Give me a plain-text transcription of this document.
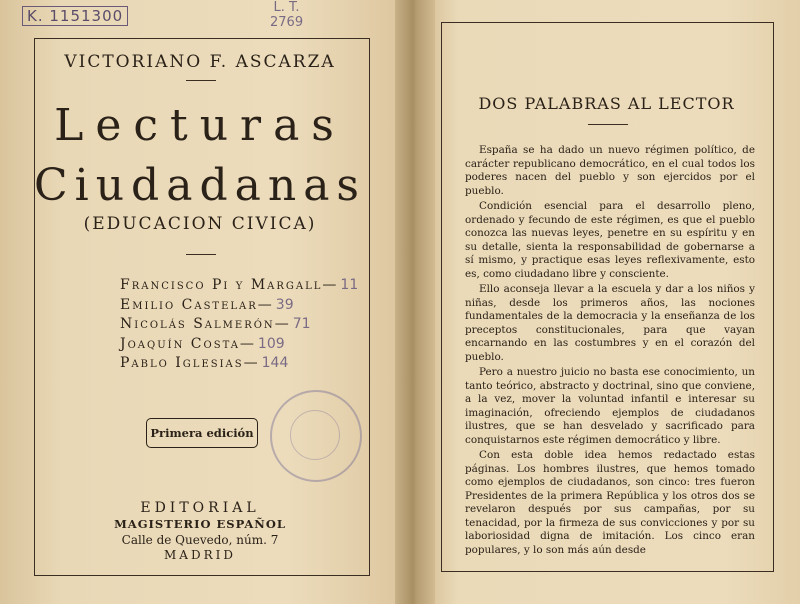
K. 1151300	L. T.
2769
VICTORIANO F. ASCARZA
Lecturas
Ciudadanas
(EDUCACION CIVICA)
Francisco Pi y Margall— 11
Emilio Castelar— 39
Nicolás Salmerón— 71
Joaquín Costa— 109
Pablo Iglesias— 144
Primera edición
EDITORIAL
MAGISTERIO ESPAÑOL
Calle de Quevedo, núm. 7
MADRID
DOS PALABRAS AL LECTOR

España se ha dado un nuevo régimen político, de carácter republicano democrático, en el cual todos los poderes nacen del pueblo y son ejercidos por el pueblo.

Condición esencial para el desarrollo pleno, ordenado y fecundo de este régimen, es que el pueblo conozca las nuevas leyes, penetre en su espíritu y en su detalle, sienta la responsabilidad de gobernarse a sí mismo, y practique esas leyes reflexivamente, esto es, como ciudadano libre y consciente.

Ello aconseja llevar a la escuela y dar a los niños y niñas, desde los primeros años, las nociones fundamentales de la democracia y la enseñanza de los preceptos constitucionales, para que vayan encarnando en las costumbres y en el corazón del pueblo.

Pero a nuestro juicio no basta ese conocimiento, un tanto teórico, abstracto y doctrinal, sino que conviene, a la vez, mover la voluntad infantil e interesar su imaginación, ofreciendo ejemplos de ciudadanos ilustres, que se han desvelado y sacrificado para conquistarnos este régimen democrático y libre.

Con esta doble idea hemos redactado estas páginas. Los hombres ilustres, que hemos tomado como ejemplos de ciudadanos, son cinco: tres fueron Presidentes de la primera República y los otros dos se revelaron después por sus campañas, por su tenacidad, por la firmeza de sus convicciones y por su laboriosidad digna de imitación. Los cinco eran populares, y lo son más aún desde
